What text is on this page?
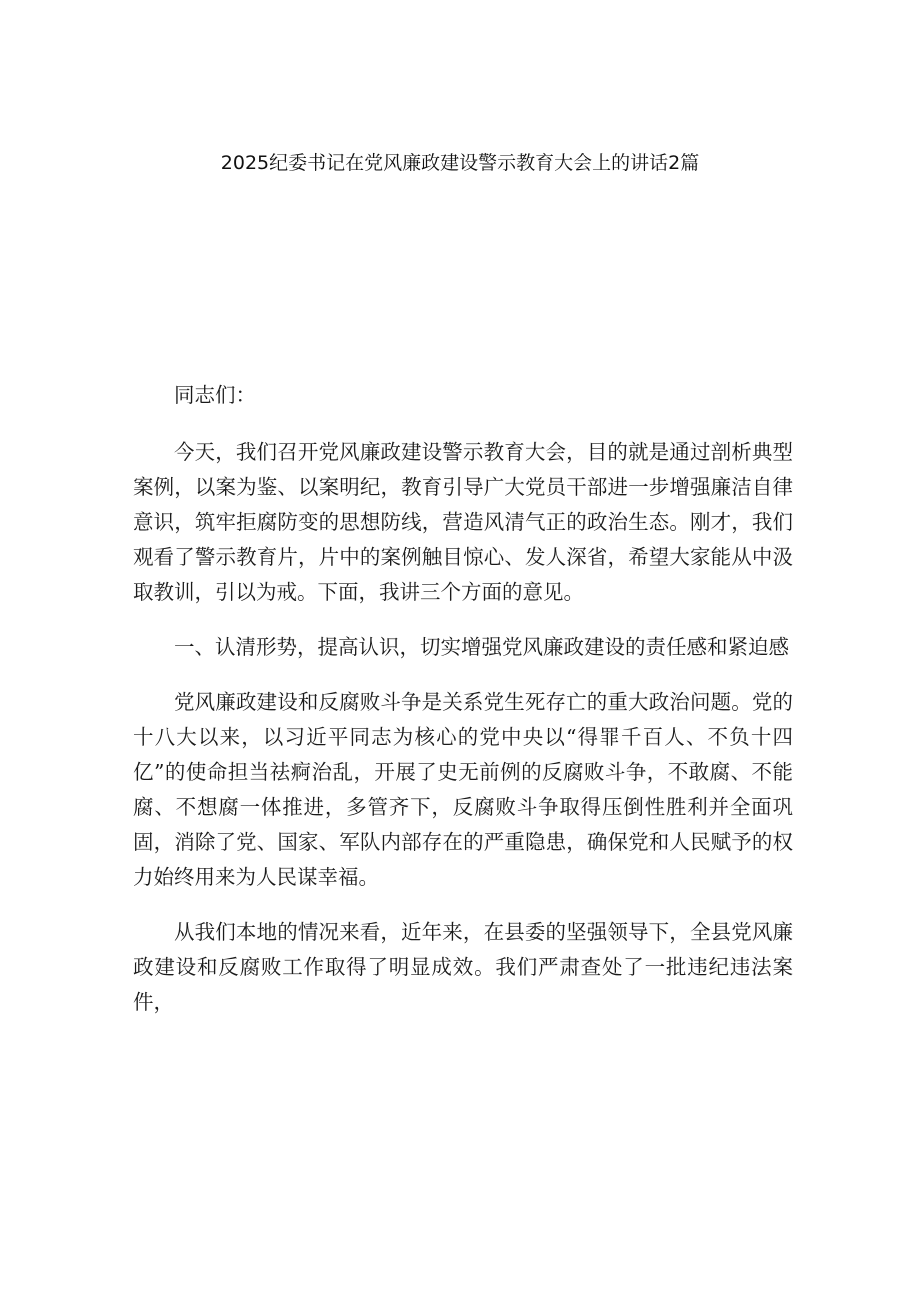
2025纪委书记在党风廉政建设警示教育大会上的讲话2篇

同志们：

今天，我们召开党风廉政建设警示教育大会，目的就是通过剖析典型案例，以案为鉴、以案明纪，教育引导广大党员干部进一步增强廉洁自律意识，筑牢拒腐防变的思想防线，营造风清气正的政治生态。刚才，我们观看了警示教育片，片中的案例触目惊心、发人深省，希望大家能从中汲取教训，引以为戒。下面，我讲三个方面的意见。

一、认清形势，提高认识，切实增强党风廉政建设的责任感和紧迫感

党风廉政建设和反腐败斗争是关系党生死存亡的重大政治问题。党的十八大以来，以习近平同志为核心的党中央以“得罪千百人、不负十四亿”的使命担当祛痾治乱，开展了史无前例的反腐败斗争，不敢腐、不能腐、不想腐一体推进，多管齐下，反腐败斗争取得压倒性胜利并全面巩固，消除了党、国家、军队内部存在的严重隐患，确保党和人民赋予的权力始终用来为人民谋幸福。

从我们本地的情况来看，近年来，在县委的坚强领导下，全县党风廉政建设和反腐败工作取得了明显成效。我们严肃查处了一批违纪违法案件，
